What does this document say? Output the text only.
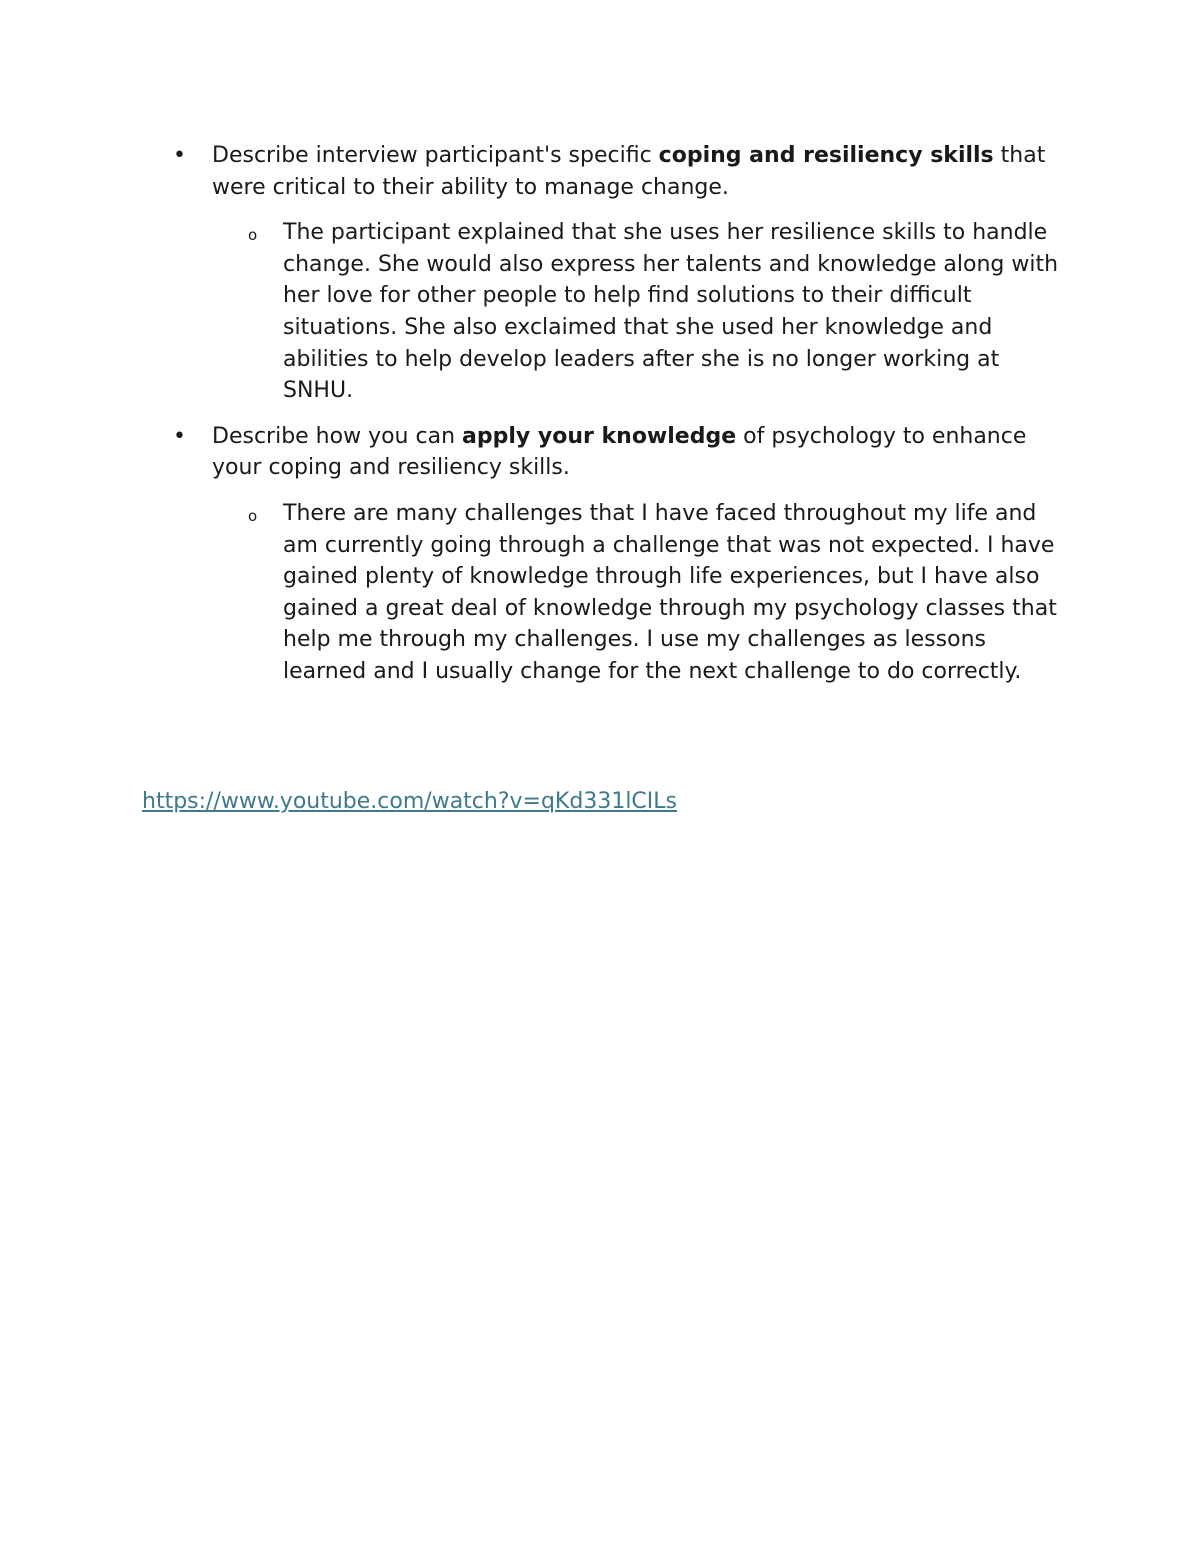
• Describe interview participant's specific coping and resiliency skills that were critical to their ability to manage change.
o The participant explained that she uses her resilience skills to handle change. She would also express her talents and knowledge along with her love for other people to help find solutions to their difficult situations. She also exclaimed that she used her knowledge and abilities to help develop leaders after she is no longer working at SNHU.
• Describe how you can apply your knowledge of psychology to enhance your coping and resiliency skills.
o There are many challenges that I have faced throughout my life and am currently going through a challenge that was not expected. I have gained plenty of knowledge through life experiences, but I have also gained a great deal of knowledge through my psychology classes that help me through my challenges. I use my challenges as lessons learned and I usually change for the next challenge to do correctly.
https://www.youtube.com/watch?v=qKd331lCILs
